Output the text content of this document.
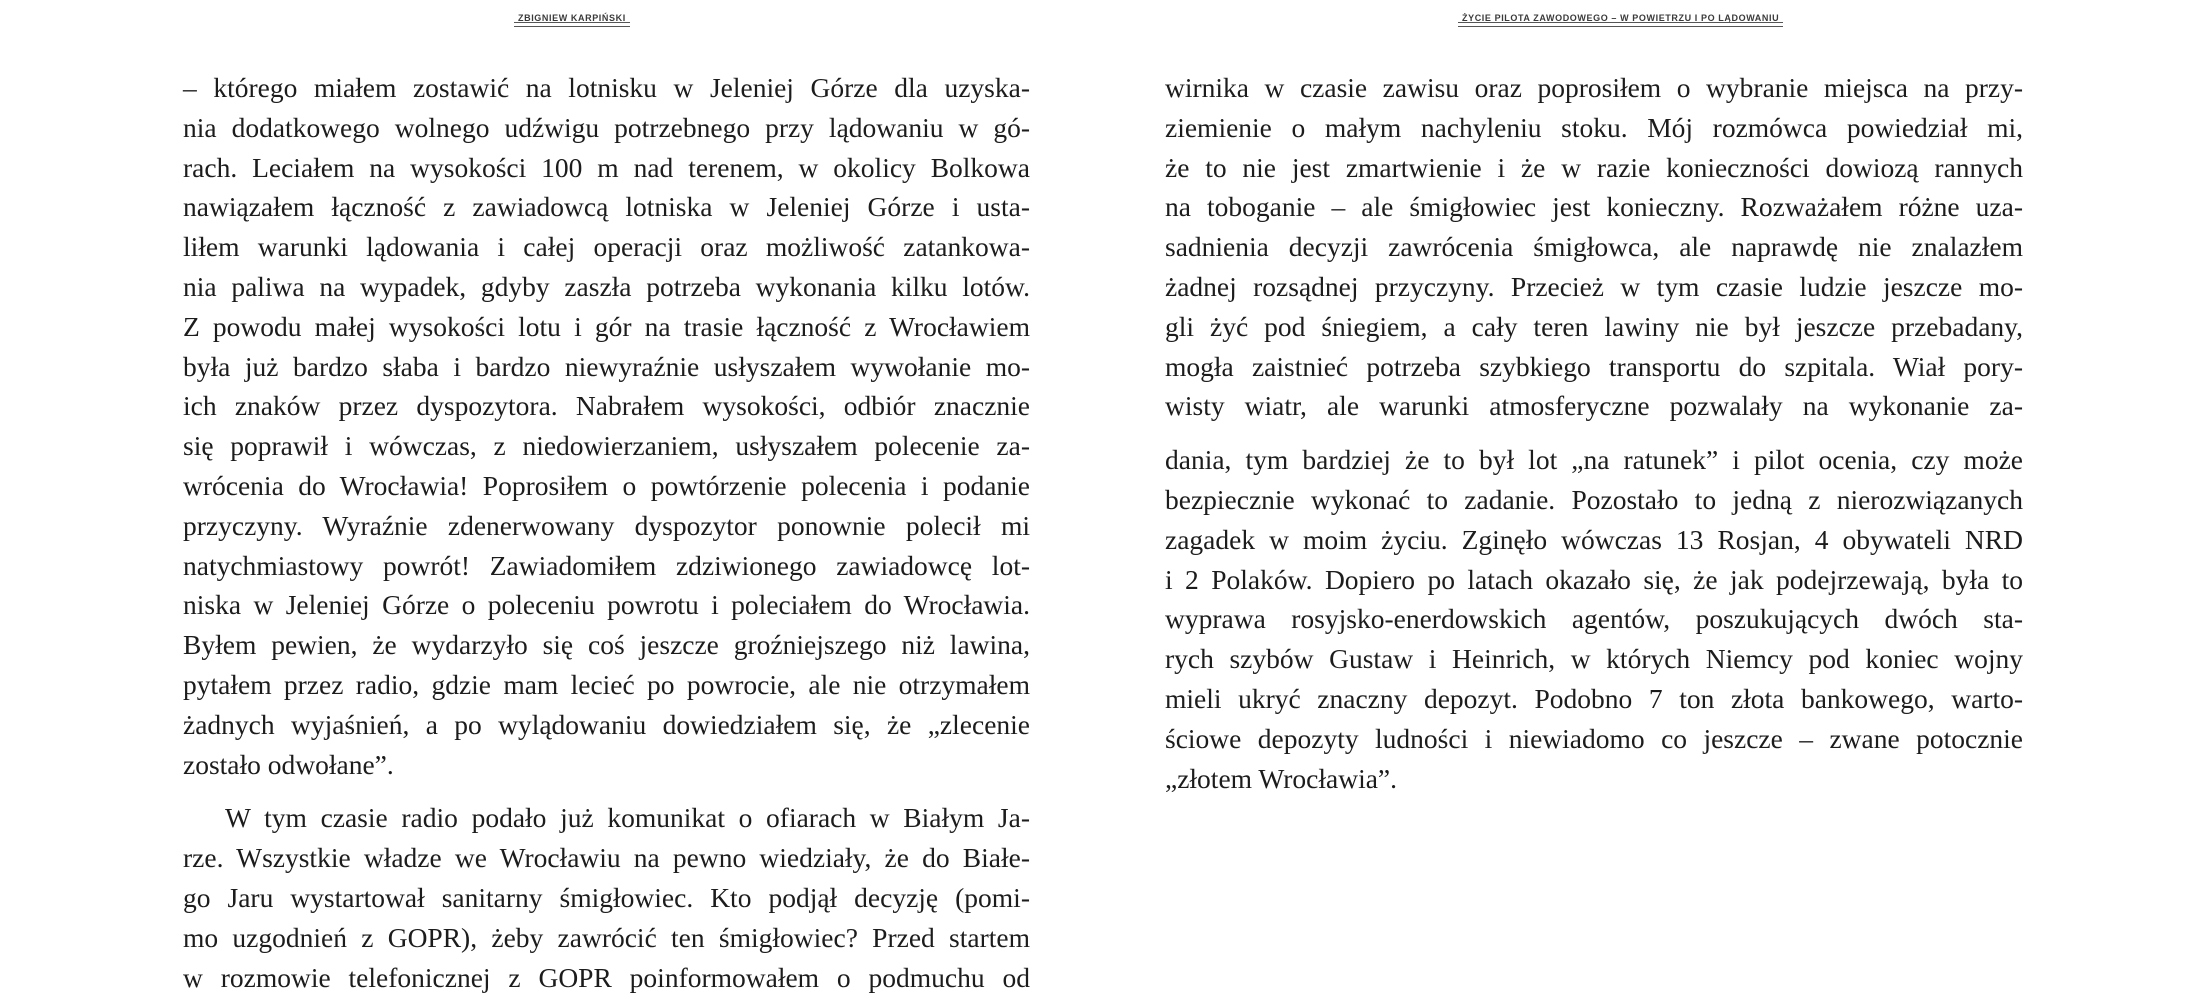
ZBIGNIEW KARPIŃSKI
– którego miałem zostawić na lotnisku w Jeleniej Górze dla uzyska-
nia dodatkowego wolnego udźwigu potrzebnego przy lądowaniu w gó-
rach. Leciałem na wysokości 100 m nad terenem, w okolicy Bolkowa
nawiązałem łączność z zawiadowcą lotniska w Jeleniej Górze i usta-
liłem warunki lądowania i całej operacji oraz możliwość zatankowa-
nia paliwa na wypadek, gdyby zaszła potrzeba wykonania kilku lotów.
Z powodu małej wysokości lotu i gór na trasie łączność z Wrocławiem
była już bardzo słaba i bardzo niewyraźnie usłyszałem wywołanie mo-
ich znaków przez dyspozytora. Nabrałem wysokości, odbiór znacznie
się poprawił i wówczas, z niedowierzaniem, usłyszałem polecenie za-
wrócenia do Wrocławia! Poprosiłem o powtórzenie polecenia i podanie
przyczyny. Wyraźnie zdenerwowany dyspozytor ponownie polecił mi
natychmiastowy powrót! Zawiadomiłem zdziwionego zawiadowcę lot-
niska w Jeleniej Górze o poleceniu powrotu i poleciałem do Wrocławia.
Byłem pewien, że wydarzyło się coś jeszcze groźniejszego niż lawina,
pytałem przez radio, gdzie mam lecieć po powrocie, ale nie otrzymałem
żadnych wyjaśnień, a po wylądowaniu dowiedziałem się, że „zlecenie
zostało odwołane”.
W tym czasie radio podało już komunikat o ofiarach w Białym Ja-
rze. Wszystkie władze we Wrocławiu na pewno wiedziały, że do Białe-
go Jaru wystartował sanitarny śmigłowiec. Kto podjął decyzję (pomi-
mo uzgodnień z GOPR), żeby zawrócić ten śmigłowiec? Przed startem
w rozmowie telefonicznej z GOPR poinformowałem o podmuchu od
ŻYCIE PILOTA ZAWODOWEGO – W POWIETRZU I PO LĄDOWANIU
wirnika w czasie zawisu oraz poprosiłem o wybranie miejsca na przy-
ziemienie o małym nachyleniu stoku. Mój rozmówca powiedział mi,
że to nie jest zmartwienie i że w razie konieczności dowiozą rannych
na toboganie – ale śmigłowiec jest konieczny. Rozważałem różne uza-
sadnienia decyzji zawrócenia śmigłowca, ale naprawdę nie znalazłem
żadnej rozsądnej przyczyny. Przecież w tym czasie ludzie jeszcze mo-
gli żyć pod śniegiem, a cały teren lawiny nie był jeszcze przebadany,
mogła zaistnieć potrzeba szybkiego transportu do szpitala. Wiał pory-
wisty wiatr, ale warunki atmosferyczne pozwalały na wykonanie za-
dania, tym bardziej że to był lot „na ratunek” i pilot ocenia, czy może
bezpiecznie wykonać to zadanie. Pozostało to jedną z nierozwiązanych
zagadek w moim życiu. Zginęło wówczas 13 Rosjan, 4 obywateli NRD
i 2 Polaków. Dopiero po latach okazało się, że jak podejrzewają, była to
wyprawa rosyjsko-enerdowskich agentów, poszukujących dwóch sta-
rych szybów Gustaw i Heinrich, w których Niemcy pod koniec wojny
mieli ukryć znaczny depozyt. Podobno 7 ton złota bankowego, warto-
ściowe depozyty ludności i niewiadomo co jeszcze – zwane potocznie
„złotem Wrocławia”.
